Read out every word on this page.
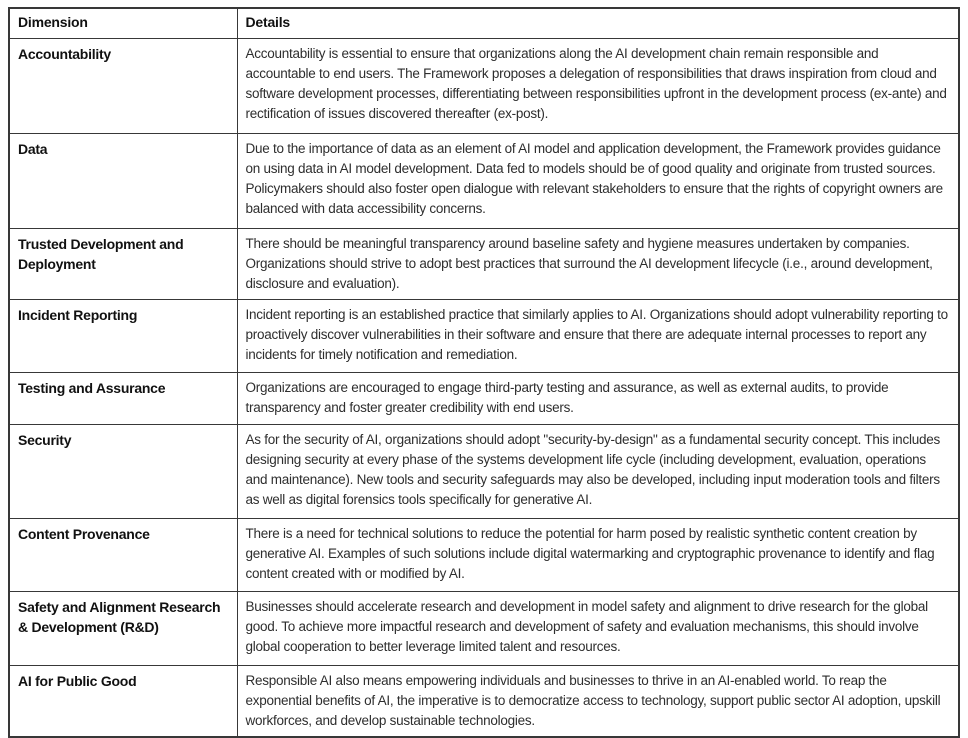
Dimension	Details
Accountability	Accountability is essential to ensure that organizations along the AI development chain remain responsible and accountable to end users. The Framework proposes a delegation of responsibilities that draws inspiration from cloud and software development processes, differentiating between responsibilities upfront in the development process (ex-ante) and rectification of issues discovered thereafter (ex-post).
Data	Due to the importance of data as an element of AI model and application development, the Framework provides guidance on using data in AI model development. Data fed to models should be of good quality and originate from trusted sources. Policymakers should also foster open dialogue with relevant stakeholders to ensure that the rights of copyright owners are balanced with data accessibility concerns.
Trusted Development and Deployment	There should be meaningful transparency around baseline safety and hygiene measures undertaken by companies. Organizations should strive to adopt best practices that surround the AI development lifecycle (i.e., around development, disclosure and evaluation).
Incident Reporting	Incident reporting is an established practice that similarly applies to AI. Organizations should adopt vulnerability reporting to proactively discover vulnerabilities in their software and ensure that there are adequate internal processes to report any incidents for timely notification and remediation.
Testing and Assurance	Organizations are encouraged to engage third-party testing and assurance, as well as external audits, to provide transparency and foster greater credibility with end users.
Security	As for the security of AI, organizations should adopt "security-by-design" as a fundamental security concept. This includes designing security at every phase of the systems development life cycle (including development, evaluation, operations and maintenance). New tools and security safeguards may also be developed, including input moderation tools and filters as well as digital forensics tools specifically for generative AI.
Content Provenance	There is a need for technical solutions to reduce the potential for harm posed by realistic synthetic content creation by generative AI. Examples of such solutions include digital watermarking and cryptographic provenance to identify and flag content created with or modified by AI.
Safety and Alignment Research & Development (R&D)	Businesses should accelerate research and development in model safety and alignment to drive research for the global good. To achieve more impactful research and development of safety and evaluation mechanisms, this should involve global cooperation to better leverage limited talent and resources.
AI for Public Good	Responsible AI also means empowering individuals and businesses to thrive in an AI-enabled world. To reap the exponential benefits of AI, the imperative is to democratize access to technology, support public sector AI adoption, upskill workforces, and develop sustainable technologies.
